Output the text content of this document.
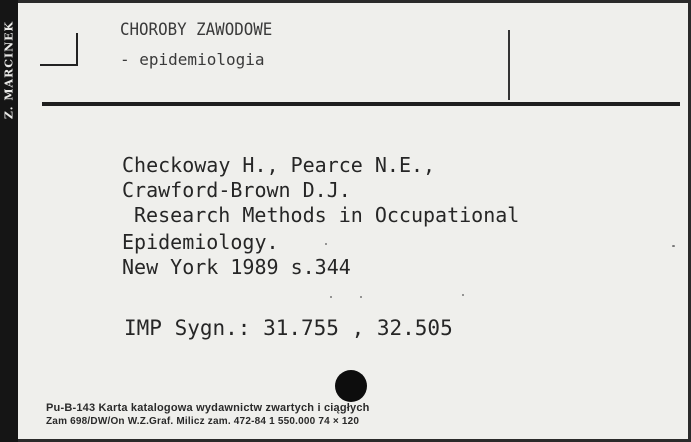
Z. MARCINEK	CHOROBY ZAWODOWE

- epidemiologia

Checkoway H., Pearce N.E.,

Crawford-Brown D.J.

Research Methods in Occupational

Epidemiology.

New York 1989 s.344

IMP Sygn.: 31.755 , 32.505

Pu-B-143 Karta katalogowa wydawnictw zwartych i ciągłych

Zam 698/DW/On W.Z.Graf. Milicz zam. 472-84 1 550.000 74 × 120
